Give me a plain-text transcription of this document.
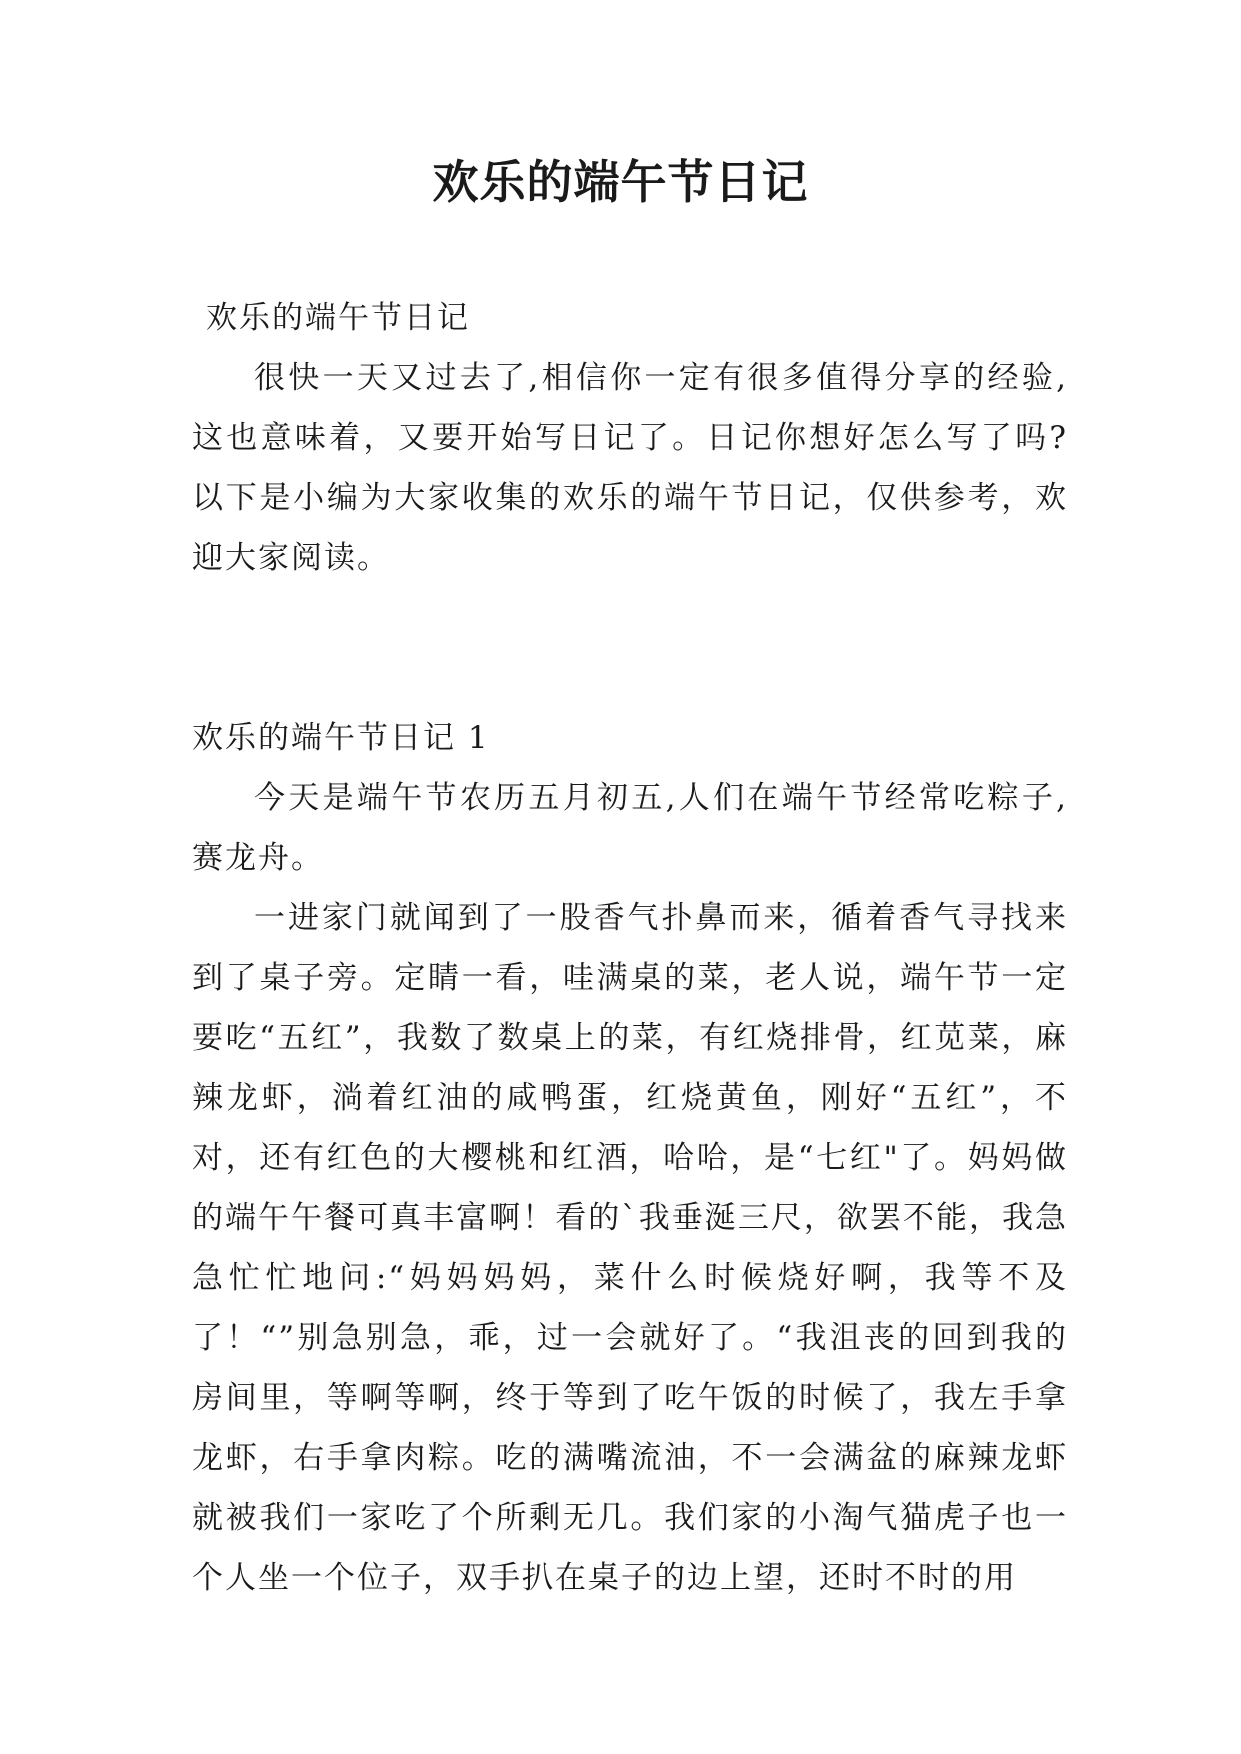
欢乐的端午节日记

欢乐的端午节日记

很快一天又过去了,相信你一定有很多值得分享的经验,这也意味着，又要开始写日记了。日记你想好怎么写了吗?以下是小编为大家收集的欢乐的端午节日记，仅供参考，欢迎大家阅读。

欢乐的端午节日记 1

今天是端午节农历五月初五,人们在端午节经常吃粽子,赛龙舟。

一进家门就闻到了一股香气扑鼻而来，循着香气寻找来到了桌子旁。定睛一看，哇满桌的菜，老人说，端午节一定要吃“五红”，我数了数桌上的菜，有红烧排骨，红苋菜，麻辣龙虾，淌着红油的咸鸭蛋，红烧黄鱼，刚好“五红”，不对，还有红色的大樱桃和红酒，哈哈，是“七红"了。妈妈做的端午午餐可真丰富啊！看的`我垂涎三尺，欲罢不能，我急急忙忙地问:“妈妈妈妈，菜什么时候烧好啊，我等不及了！“”别急别急，乖，过一会就好了。“我沮丧的回到我的房间里，等啊等啊，终于等到了吃午饭的时候了，我左手拿龙虾，右手拿肉粽。吃的满嘴流油，不一会满盆的麻辣龙虾就被我们一家吃了个所剩无几。我们家的小淘气猫虎子也一个人坐一个位子，双手扒在桌子的边上望，还时不时的用
